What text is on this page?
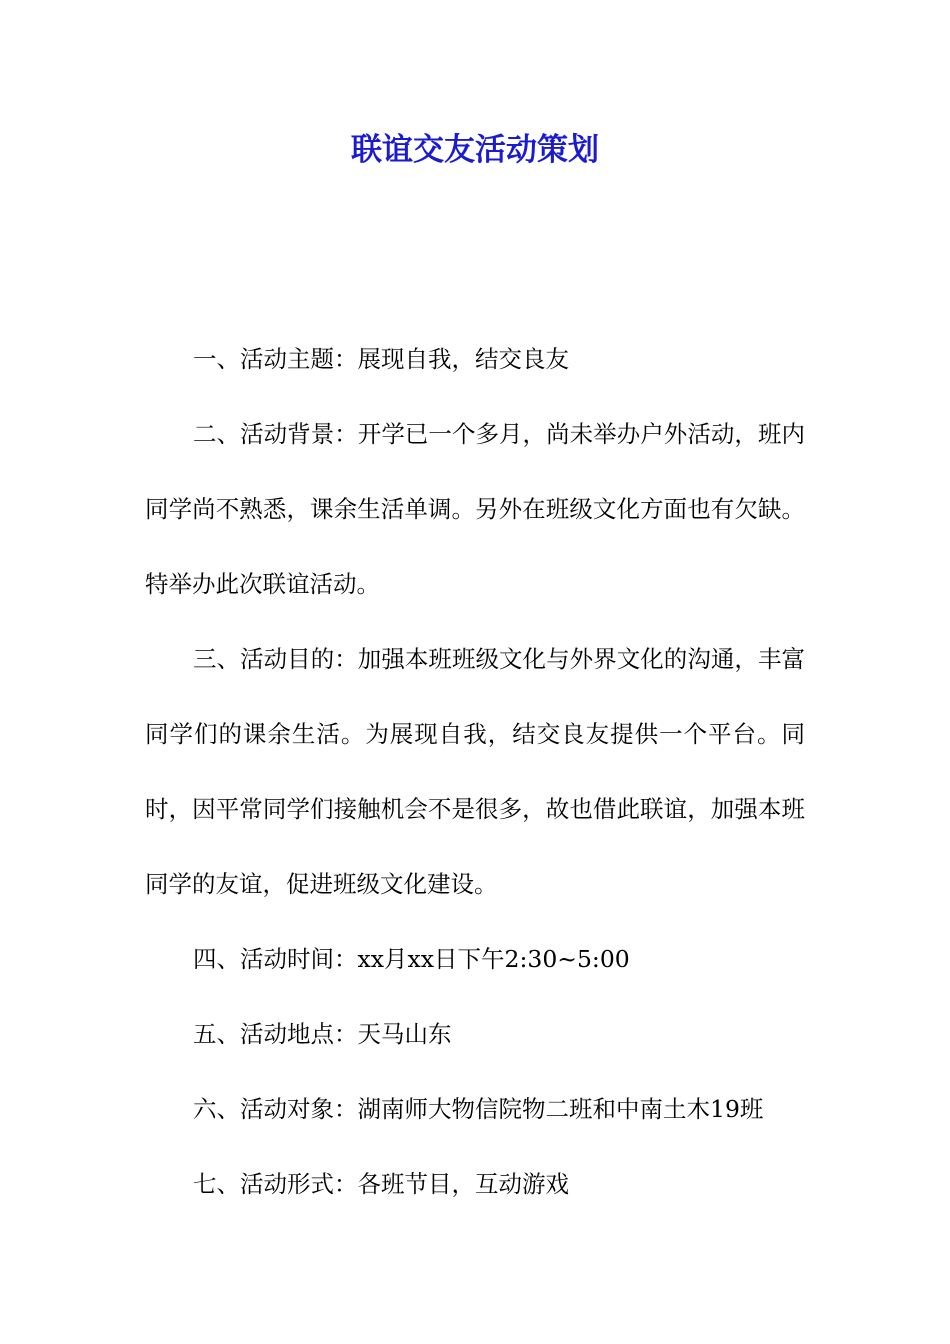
联谊交友活动策划

一、活动主题：展现自我，结交良友

二、活动背景：开学已一个多月，尚未举办户外活动，班内同学尚不熟悉，课余生活单调。另外在班级文化方面也有欠缺。特举办此次联谊活动。

三、活动目的：加强本班班级文化与外界文化的沟通，丰富同学们的课余生活。为展现自我，结交良友提供一个平台。同时，因平常同学们接触机会不是很多，故也借此联谊，加强本班同学的友谊，促进班级文化建设。

四、活动时间：xx月xx日下午2:30~5:00

五、活动地点：天马山东

六、活动对象：湖南师大物信院物二班和中南土木19班

七、活动形式：各班节目，互动游戏
